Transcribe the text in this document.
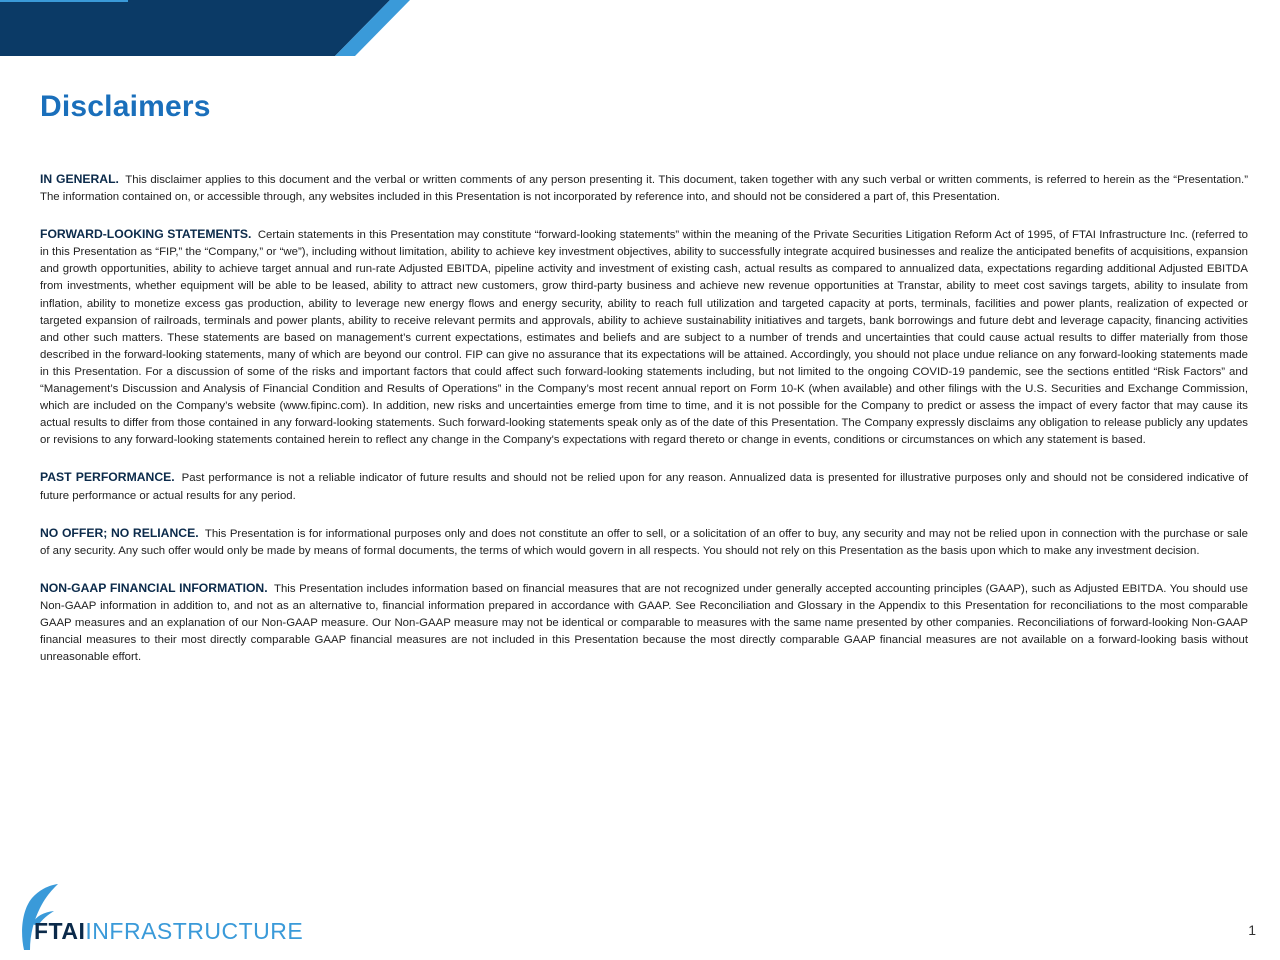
Disclaimers

IN GENERAL. This disclaimer applies to this document and the verbal or written comments of any person presenting it. This document, taken together with any such verbal or written comments, is referred to herein as the “Presentation.” The information contained on, or accessible through, any websites included in this Presentation is not incorporated by reference into, and should not be considered a part of, this Presentation.

FORWARD-LOOKING STATEMENTS. Certain statements in this Presentation may constitute “forward-looking statements” within the meaning of the Private Securities Litigation Reform Act of 1995, of FTAI Infrastructure Inc. (referred to in this Presentation as “FIP,” the “Company,” or “we”), including without limitation, ability to achieve key investment objectives, ability to successfully integrate acquired businesses and realize the anticipated benefits of acquisitions, expansion and growth opportunities, ability to achieve target annual and run-rate Adjusted EBITDA, pipeline activity and investment of existing cash, actual results as compared to annualized data, expectations regarding additional Adjusted EBITDA from investments, whether equipment will be able to be leased, ability to attract new customers, grow third-party business and achieve new revenue opportunities at Transtar, ability to meet cost savings targets, ability to insulate from inflation, ability to monetize excess gas production, ability to leverage new energy flows and energy security, ability to reach full utilization and targeted capacity at ports, terminals, facilities and power plants, realization of expected or targeted expansion of railroads, terminals and power plants, ability to receive relevant permits and approvals, ability to achieve sustainability initiatives and targets, bank borrowings and future debt and leverage capacity, financing activities and other such matters. These statements are based on management’s current expectations, estimates and beliefs and are subject to a number of trends and uncertainties that could cause actual results to differ materially from those described in the forward-looking statements, many of which are beyond our control. FIP can give no assurance that its expectations will be attained. Accordingly, you should not place undue reliance on any forward-looking statements made in this Presentation. For a discussion of some of the risks and important factors that could affect such forward-looking statements including, but not limited to the ongoing COVID-19 pandemic, see the sections entitled “Risk Factors” and “Management’s Discussion and Analysis of Financial Condition and Results of Operations” in the Company’s most recent annual report on Form 10-K (when available) and other filings with the U.S. Securities and Exchange Commission, which are included on the Company’s website (www.fipinc.com). In addition, new risks and uncertainties emerge from time to time, and it is not possible for the Company to predict or assess the impact of every factor that may cause its actual results to differ from those contained in any forward-looking statements. Such forward-looking statements speak only as of the date of this Presentation. The Company expressly disclaims any obligation to release publicly any updates or revisions to any forward-looking statements contained herein to reflect any change in the Company's expectations with regard thereto or change in events, conditions or circumstances on which any statement is based.

PAST PERFORMANCE. Past performance is not a reliable indicator of future results and should not be relied upon for any reason. Annualized data is presented for illustrative purposes only and should not be considered indicative of future performance or actual results for any period.

NO OFFER; NO RELIANCE. This Presentation is for informational purposes only and does not constitute an offer to sell, or a solicitation of an offer to buy, any security and may not be relied upon in connection with the purchase or sale of any security. Any such offer would only be made by means of formal documents, the terms of which would govern in all respects. You should not rely on this Presentation as the basis upon which to make any investment decision.

NON-GAAP FINANCIAL INFORMATION. This Presentation includes information based on financial measures that are not recognized under generally accepted accounting principles (GAAP), such as Adjusted EBITDA. You should use Non-GAAP information in addition to, and not as an alternative to, financial information prepared in accordance with GAAP. See Reconciliation and Glossary in the Appendix to this Presentation for reconciliations to the most comparable GAAP measures and an explanation of our Non-GAAP measure. Our Non-GAAP measure may not be identical or comparable to measures with the same name presented by other companies. Reconciliations of forward-looking Non-GAAP financial measures to their most directly comparable GAAP financial measures are not included in this Presentation because the most directly comparable GAAP financial measures are not available on a forward-looking basis without unreasonable effort.

FTAIINFRASTRUCTURE	1
